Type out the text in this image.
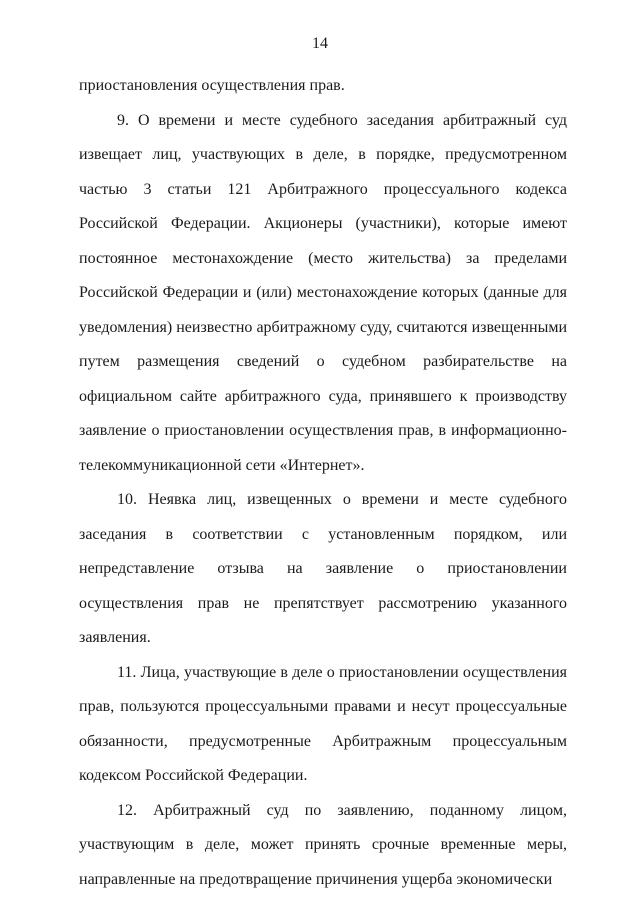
14

приостановления осуществления прав.

9. О времени и месте судебного заседания арбитражный суд извещает лиц, участвующих в деле, в порядке, предусмотренном частью 3 статьи 121 Арбитражного процессуального кодекса Российской Федерации. Акционеры (участники), которые имеют постоянное местонахождение (место жительства) за пределами Российской Федерации и (или) местонахождение которых (данные для уведомления) неизвестно арбитражному суду, считаются извещенными путем размещения сведений о судебном разбирательстве на официальном сайте арбитражного суда, принявшего к производству заявление о приостановлении осуществления прав, в информационно-телекоммуникационной сети «Интернет».

10. Неявка лиц, извещенных о времени и месте судебного заседания в соответствии с установленным порядком, или непредставление отзыва на заявление о приостановлении осуществления прав не препятствует рассмотрению указанного заявления.

11. Лица, участвующие в деле о приостановлении осуществления прав, пользуются процессуальными правами и несут процессуальные обязанности, предусмотренные Арбитражным процессуальным кодексом Российской Федерации.

12. Арбитражный суд по заявлению, поданному лицом, участвующим в деле, может принять срочные временные меры, направленные на предотвращение причинения ущерба экономически
